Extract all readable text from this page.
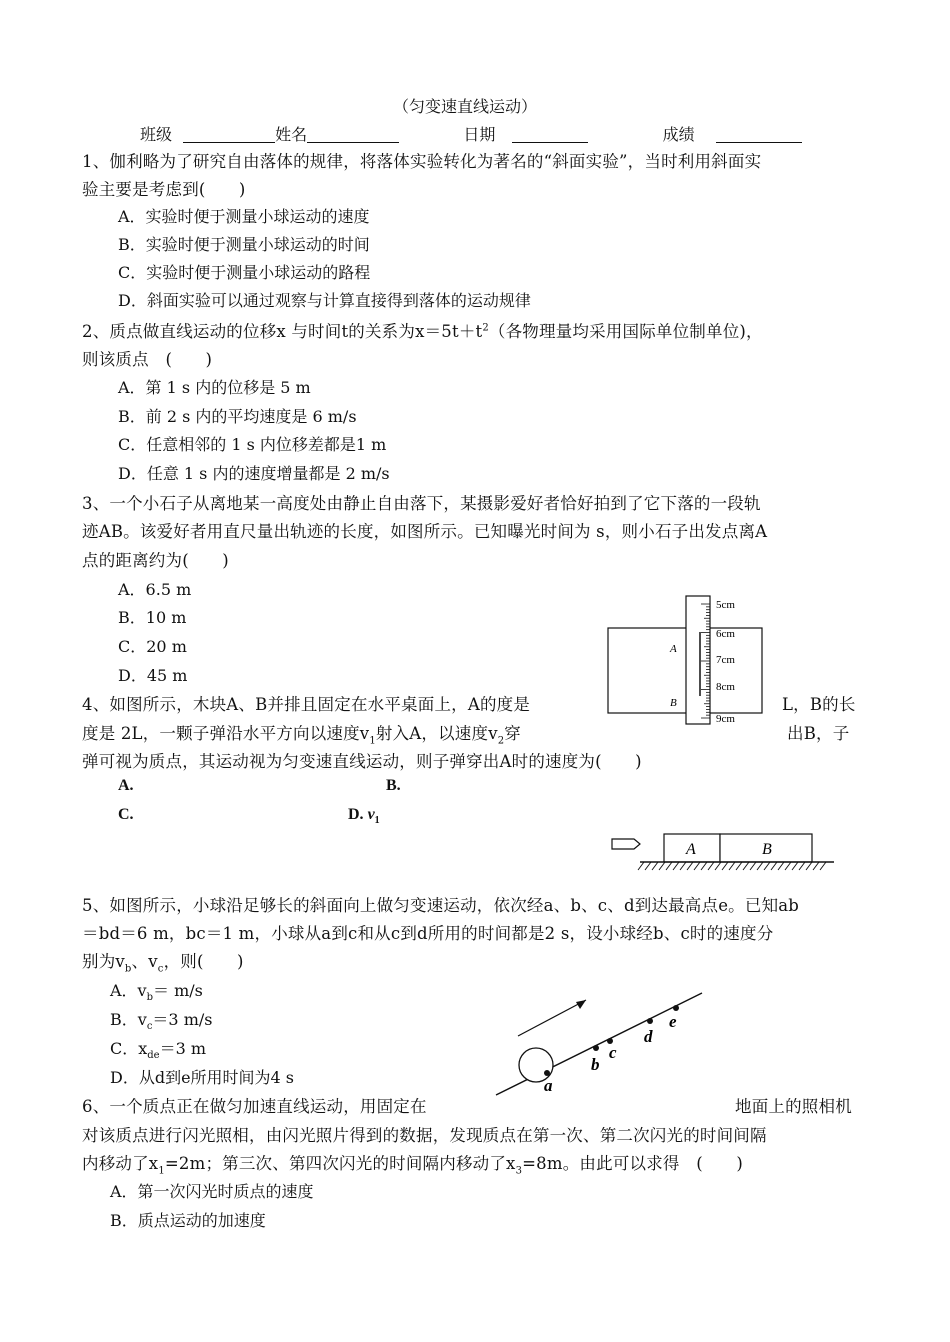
（匀变速直线运动）
班级	姓名	日期	成绩
1、伽利略为了研究自由落体的规律，将落体实验转化为著名的“斜面实验”，当时利用斜面实
验主要是考虑到(　　)
A．实验时便于测量小球运动的速度
B．实验时便于测量小球运动的时间
C．实验时便于测量小球运动的路程
D．斜面实验可以通过观察与计算直接得到落体的运动规律
2、质点做直线运动的位移x 与时间t的关系为$x=5t+t^2$（各物理量均采用国际单位制单位)，
则该质点　(　　)
A．第 1 s 内的位移是 5 m
B．前 2 s 内的平均速度是 6 m/s
C．任意相邻的 1 s 内位移差都是1 m
D．任意 1 s 内的速度增量都是 2 m/s
3、一个小石子从离地某一高度处由静止自由落下，某摄影爱好者恰好拍到了它下落的一段轨
迹AB。该爱好者用直尺量出轨迹的长度，如图所示。已知曝光时间为 s，则小石子出发点离A
点的距离约为(　　)
A．6.5 m
B．10 m
C．20 m
D．45 m
A
B
5cm
6cm
7cm
8cm
9cm
4、如图所示，木块A、B并排且固定在水平桌面上，A的度是	L，B的长
度是 2L，一颗子弹沿水平方向以速度$v_1$射入A，以速度$v_2$穿	出B，子
弹可视为质点，其运动视为匀变速直线运动，则子弹穿出A时的速度为(　　)
A.	B.
C.	D. $v_1$
A	B
5、如图所示，小球沿足够长的斜面向上做匀变速运动，依次经a、b、c、d到达最高点e。已知ab
＝bd＝6 m，bc＝1 m，小球从a到c和从c到d所用的时间都是2 s，设小球经b、c时的速度分
别为$v_b$、$v_c$，则(　　)
A．$v_b= m/s$
B．$v_c=3$ m/s
C．$x_{de}=3$ m
D．从d到e所用时间为4 s	a
b
c
d
e
6、一个质点正在做匀加速直线运动，用固定在	地面上的照相机
对该质点进行闪光照相，由闪光照片得到的数据，发现质点在第一次、第二次闪光的时间间隔
内移动了$x_1=2m$；第三次、第四次闪光的时间隔内移动了$x_3=8m$。由此可以求得　(　　)
A．第一次闪光时质点的速度
B．质点运动的加速度
